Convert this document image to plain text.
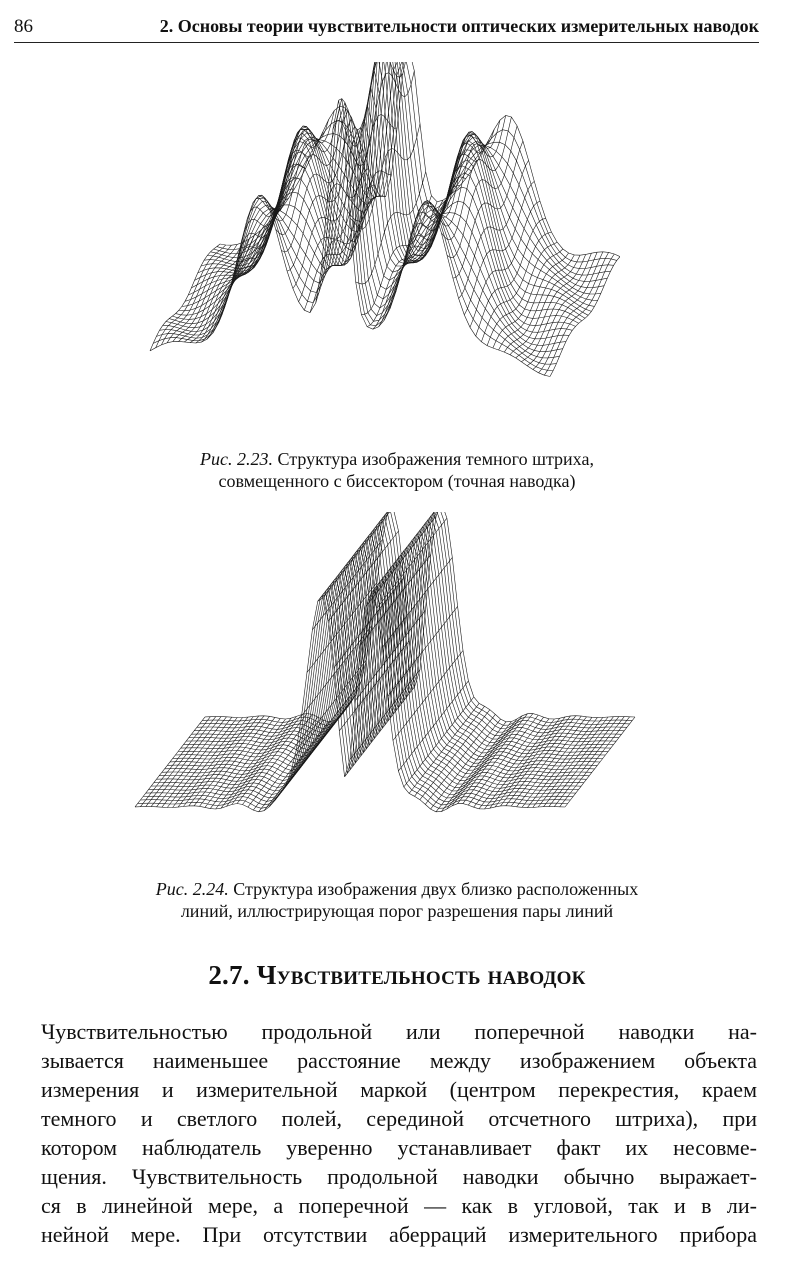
86	2. Основы теории чувствительности оптических измерительных наводок
Рис. 2.23. Структура изображения темного штриха,
совмещенного с биссектором (точная наводка)
Рис. 2.24. Структура изображения двух близко расположенных
линий, иллюстрирующая порог разрешения пары линий
2.7. Чувствительность наводок
Чувствительностью продольной или поперечной наводки на-
зывается наименьшее расстояние между изображением объекта
измерения и измерительной маркой (центром перекрестия, краем
темного и светлого полей, серединой отсчетного штриха), при
котором наблюдатель уверенно устанавливает факт их несовме-
щения. Чувствительность продольной наводки обычно выражает-
ся в линейной мере, а поперечной — как в угловой, так и в ли-
нейной мере. При отсутствии аберраций измерительного прибора
